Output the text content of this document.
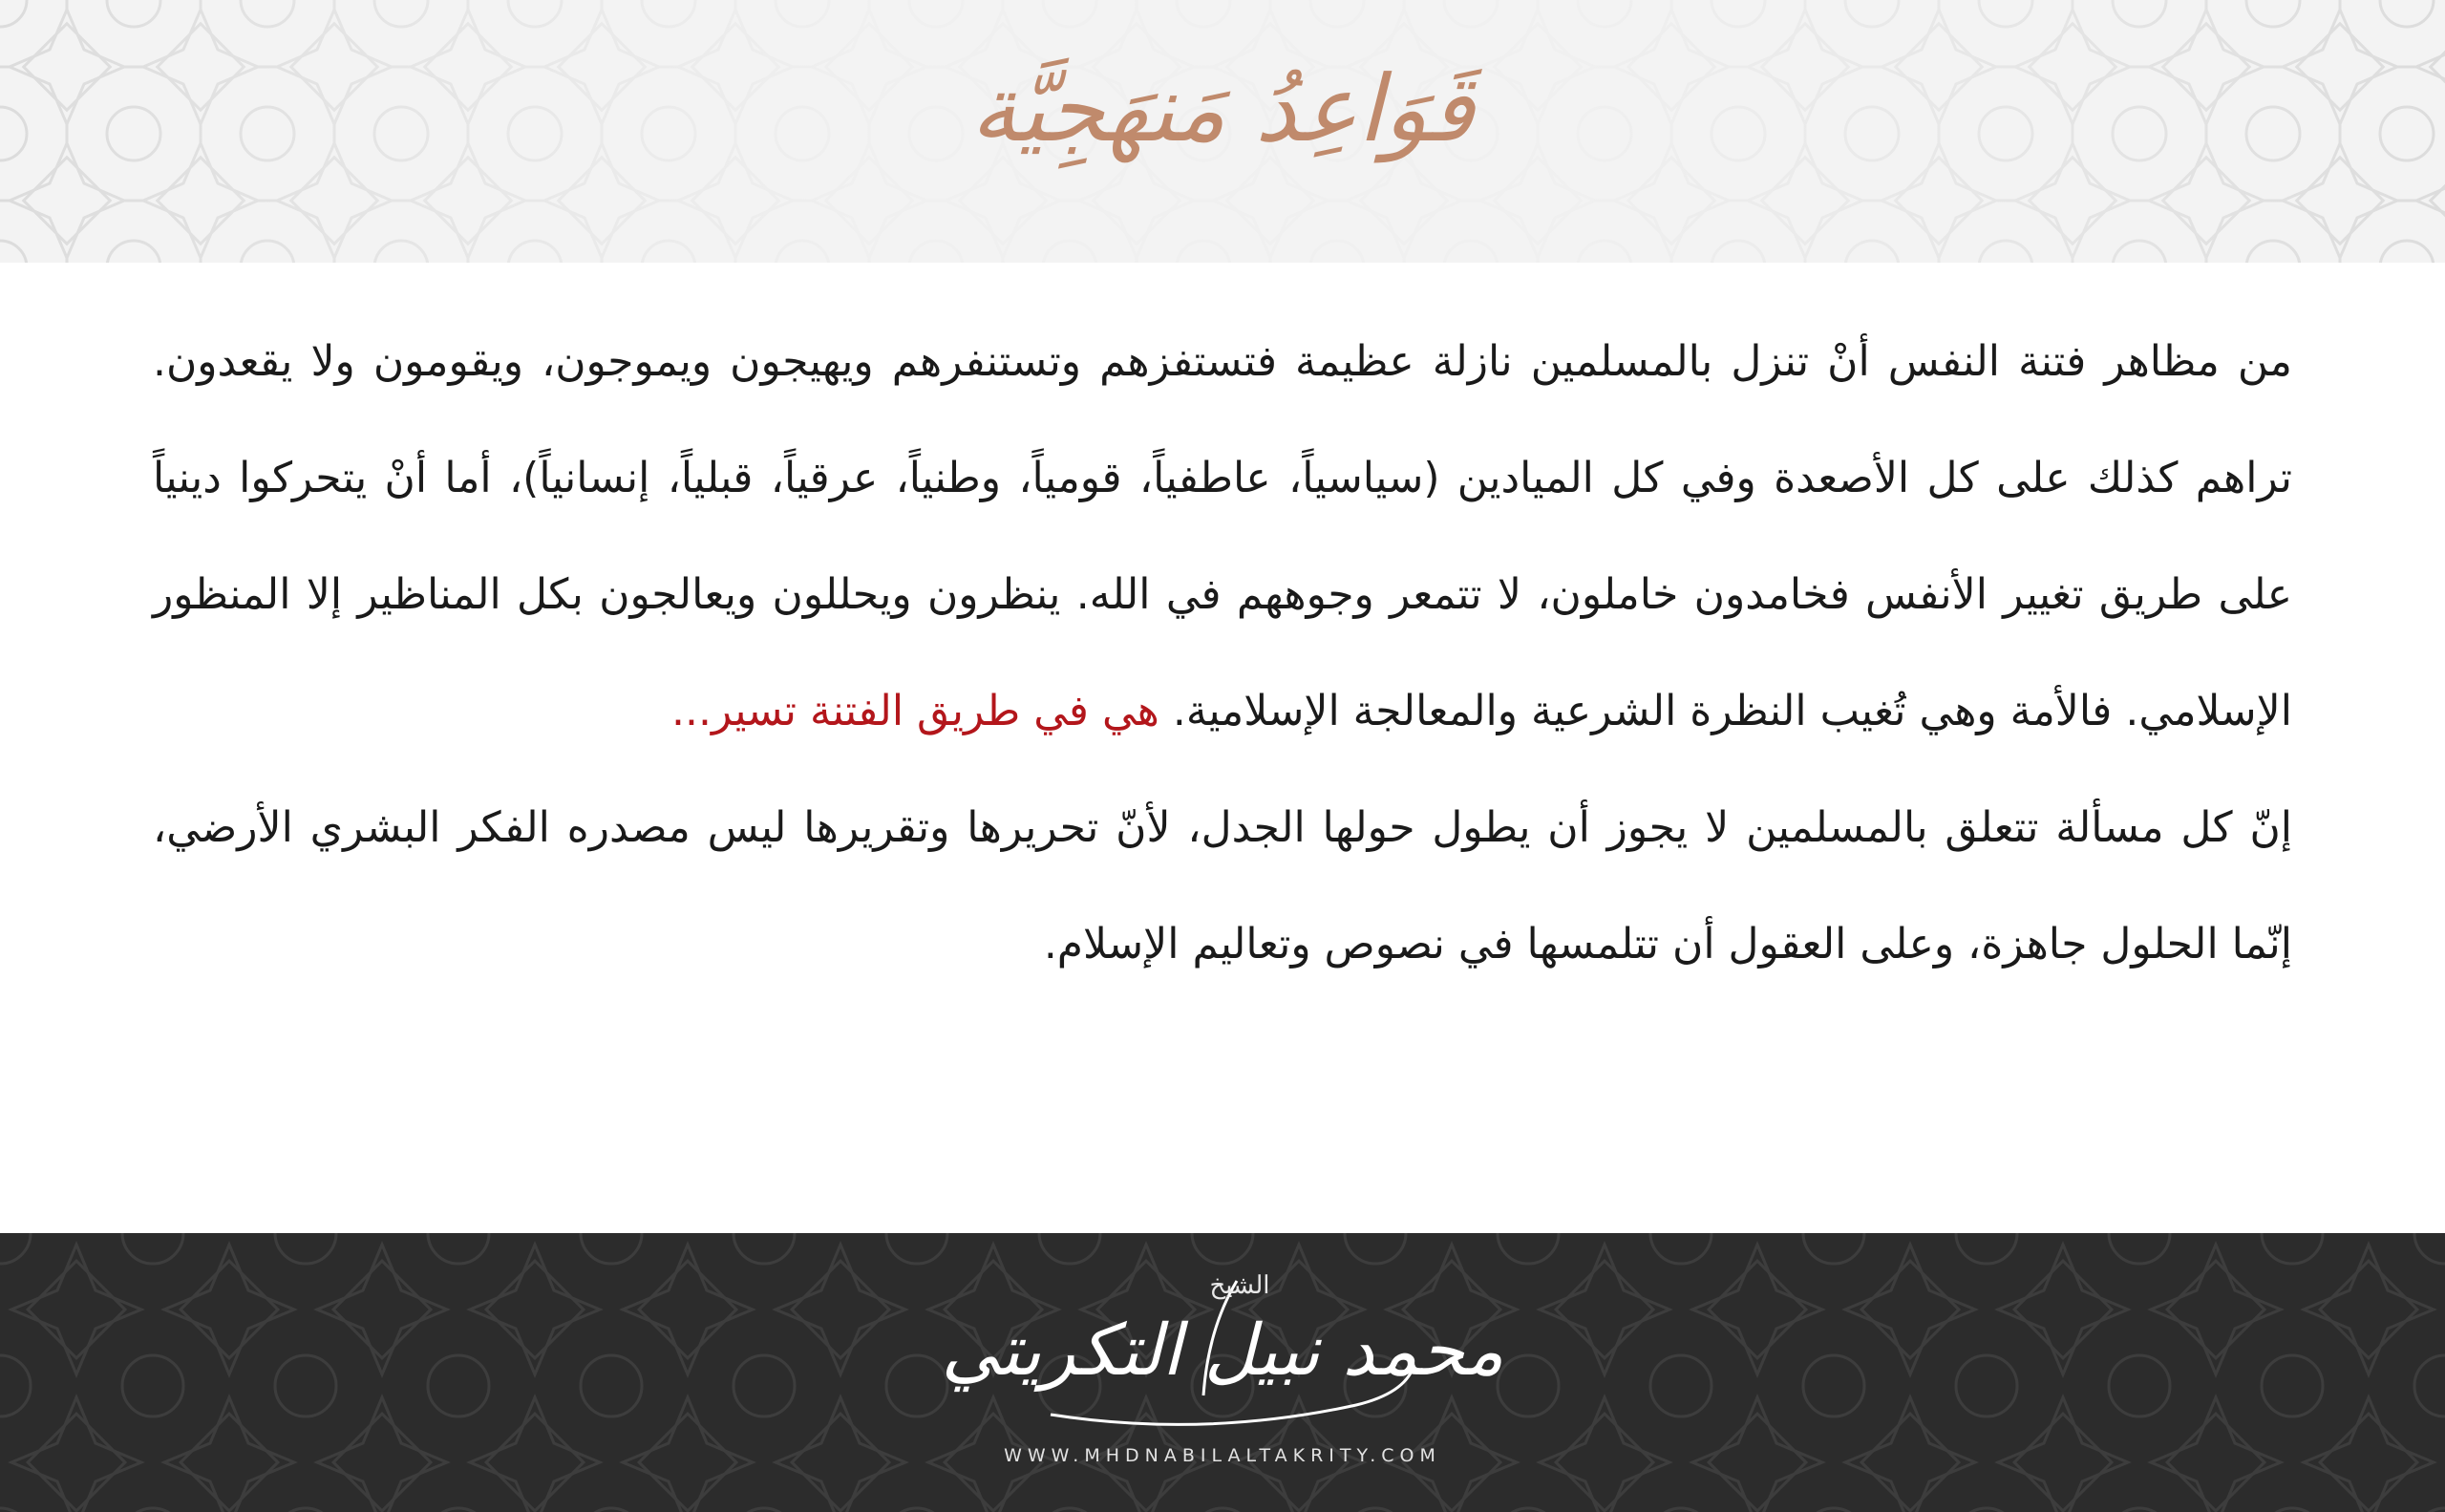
قَوَاعِدُ مَنهَجِيَّة

من مظاهر فتنة النفس أنْ تنزل بالمسلمين نازلة عظيمة فتستفزهم وتستنفرهم ويهيجون ويموجون، ويقومون ولا يقعدون. تراهم كذلك على كل الأصعدة وفي كل الميادين (سياسياً، عاطفياً، قومياً، وطنياً، عرقياً، قبلياً، إنسانياً)، أما أنْ يتحركوا دينياً على طريق تغيير الأنفس فخامدون خاملون، لا تتمعر وجوههم في الله. ينظرون ويحللون ويعالجون بكل المناظير إلا المنظور الإسلامي. فالأمة وهي تُغيب النظرة الشرعية والمعالجة الإسلامية. هي في طريق الفتنة تسير...

إنّ كل مسألة تتعلق بالمسلمين لا يجوز أن يطول حولها الجدل، لأنّ تحريرها وتقريرها ليس مصدره الفكر البشري الأرضي، إنّما الحلول جاهزة، وعلى العقول أن تتلمسها في نصوص وتعاليم الإسلام.

الشيخ
محمد نبيل التكريتي
WWW.MHDNABILALTAKRITY.COM
